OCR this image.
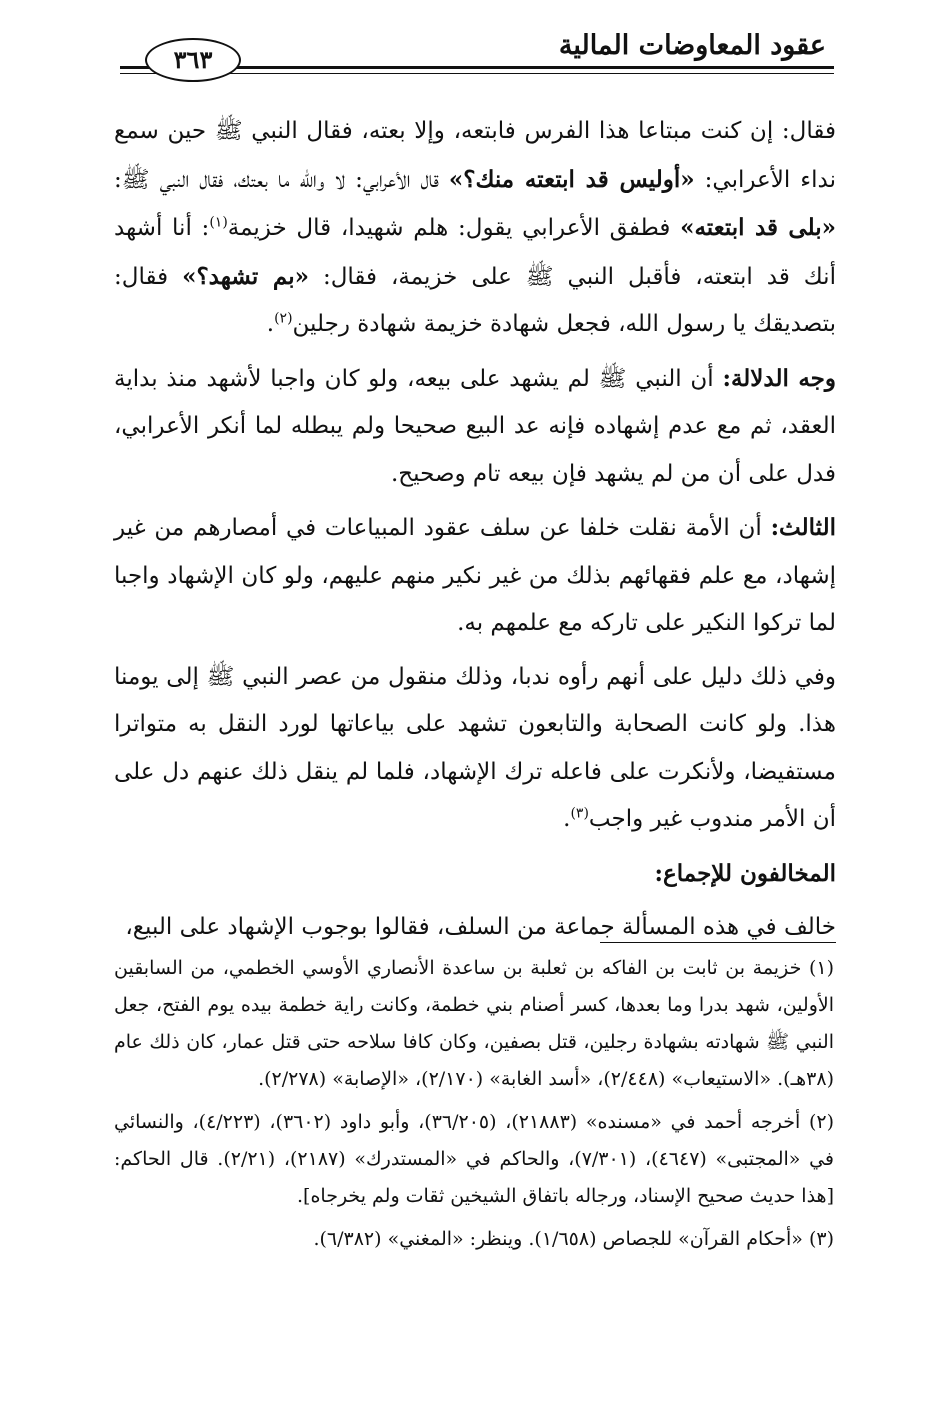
عقود المعاوضات المالية
٣٦٣

فقال: إن كنت مبتاعا هذا الفرس فابتعه، وإلا بعته، فقال النبي ﷺ حين سمع نداء الأعرابي: «أوليس قد ابتعته منك؟» قال الأعرابي: لا والله ما بعتك، فقال النبي ﷺ: «بلى قد ابتعته» فطفق الأعرابي يقول: هلم شهيدا، قال خزيمة$^{(١)}$: أنا أشهد أنك قد ابتعته، فأقبل النبي ﷺ على خزيمة، فقال: «بم تشهد؟» فقال: بتصديقك يا رسول الله، فجعل شهادة خزيمة شهادة رجلين$^{(٢)}$.

وجه الدلالة: أن النبي ﷺ لم يشهد على بيعه، ولو كان واجبا لأشهد منذ بداية العقد، ثم مع عدم إشهاده فإنه عد البيع صحيحا ولم يبطله لما أنكر الأعرابي، فدل على أن من لم يشهد فإن بيعه تام وصحيح.

الثالث: أن الأمة نقلت خلفا عن سلف عقود المبياعات في أمصارهم من غير إشهاد، مع علم فقهائهم بذلك من غير نكير منهم عليهم، ولو كان الإشهاد واجبا لما تركوا النكير على تاركه مع علمهم به.

وفي ذلك دليل على أنهم رأوه ندبا، وذلك منقول من عصر النبي ﷺ إلى يومنا هذا. ولو كانت الصحابة والتابعون تشهد على بياعاتها لورد النقل به متواترا مستفيضا، ولأنكرت على فاعله ترك الإشهاد، فلما لم ينقل ذلك عنهم دل على أن الأمر مندوب غير واجب$^{(٣)}$.

المخالفون للإجماع:

خالف في هذه المسألة جماعة من السلف، فقالوا بوجوب الإشهاد على البيع،

(١) خزيمة بن ثابت بن الفاكه بن ثعلبة بن ساعدة الأنصاري الأوسي الخطمي، من السابقين الأولين، شهد بدرا وما بعدها، كسر أصنام بني خطمة، وكانت راية خطمة بيده يوم الفتح، جعل النبي ﷺ شهادته بشهادة رجلين، قتل بصفين، وكان كافا سلاحه حتى قتل عمار، كان ذلك عام (٣٨هـ). «الاستيعاب» (٢/٤٤٨)، «أسد الغابة» (٢/١٧٠)، «الإصابة» (٢/٢٧٨).

(٢) أخرجه أحمد في «مسنده» (٢١٨٨٣)، (٣٦/٢٠٥)، وأبو داود (٣٦٠٢)، (٤/٢٢٣)، والنسائي في «المجتبى» (٤٦٤٧)، (٧/٣٠١)، والحاكم في «المستدرك» (٢١٨٧)، (٢/٢١). قال الحاكم: [هذا حديث صحيح الإسناد، ورجاله باتفاق الشيخين ثقات ولم يخرجاه].

(٣) «أحكام القرآن» للجصاص (١/٦٥٨). وينظر: «المغني» (٦/٣٨٢).
